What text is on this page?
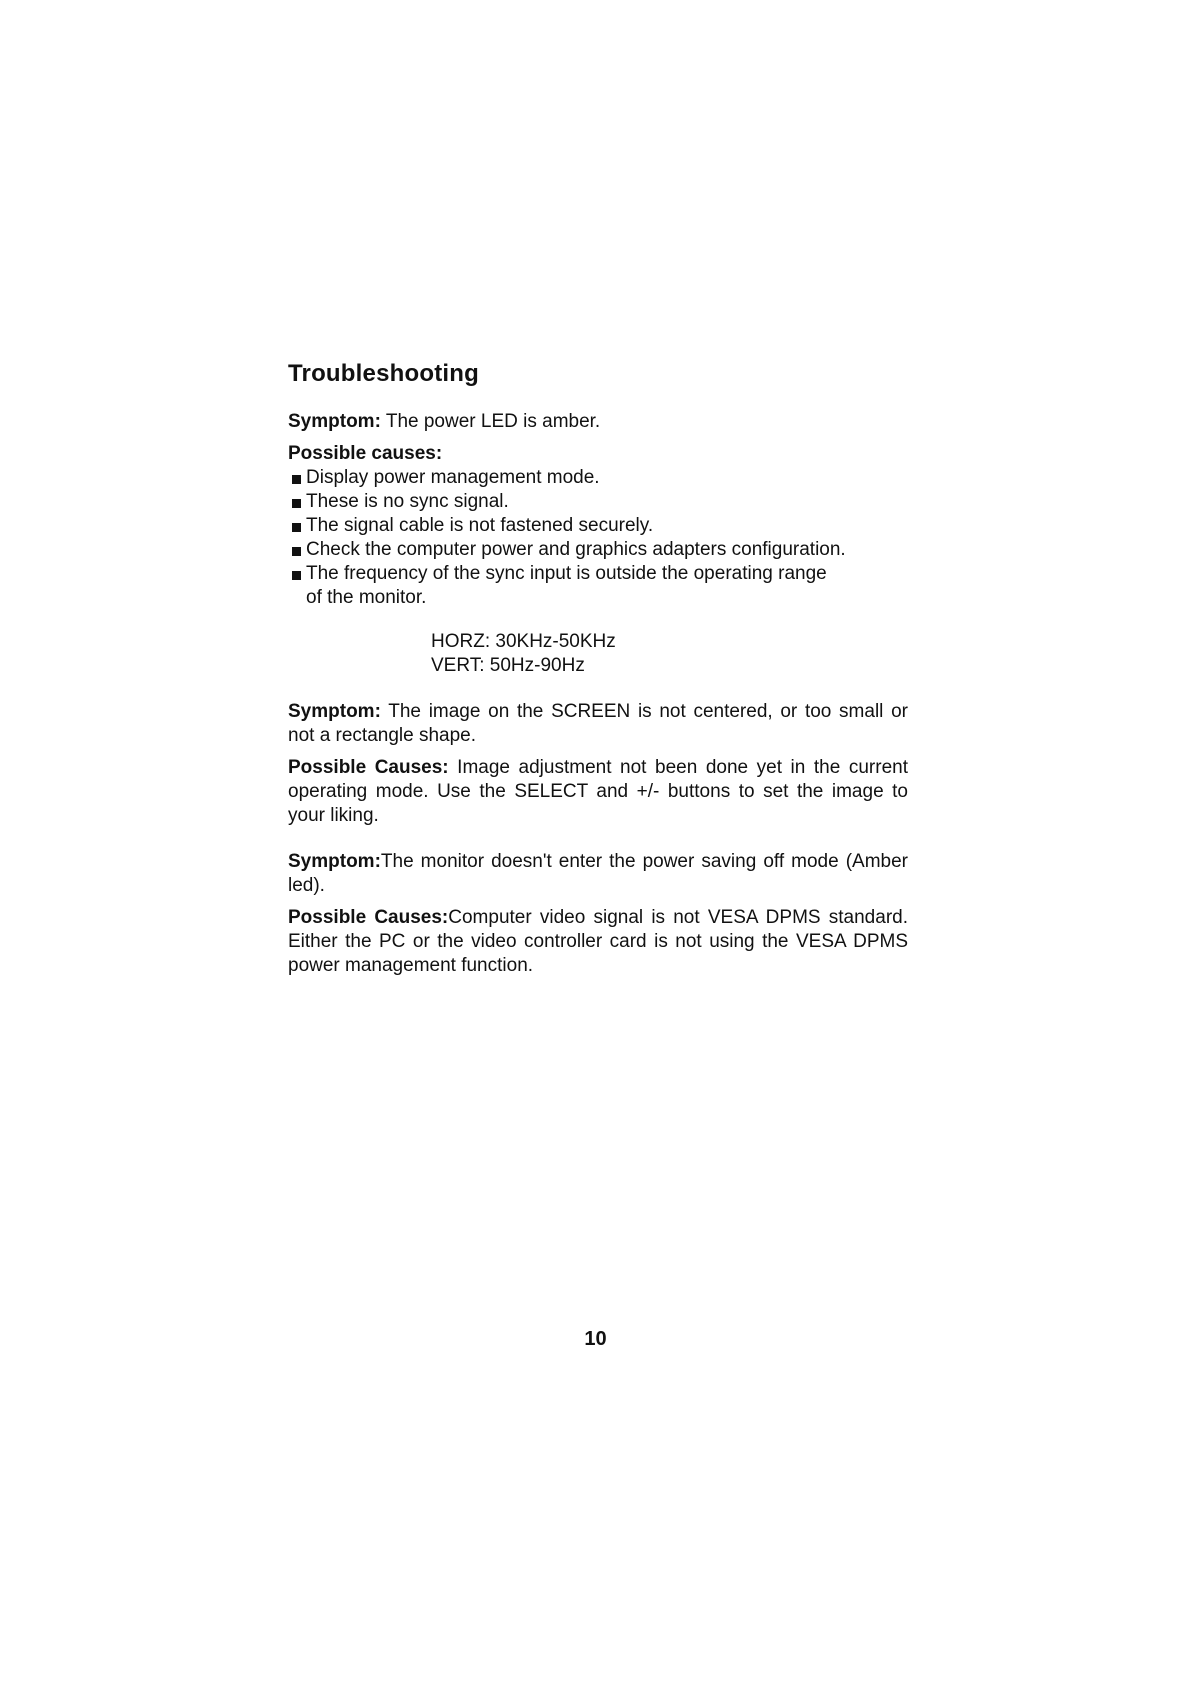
Troubleshooting

Symptom: The power LED is amber.

Possible causes:

Display power management mode.
These is no sync signal.
The signal cable is not fastened securely.
Check the computer power and graphics adapters configuration.
The frequency of the sync input is outside the operating range
of the monitor.
HORZ: 30KHz-50KHz
VERT: 50Hz-90Hz

Symptom: The image on the SCREEN is not centered, or too small or not a rectangle shape.

Possible Causes: Image adjustment not been done yet in the current operating mode. Use the SELECT and +/- buttons to set the image to your liking.

Symptom:The monitor doesn't enter the power saving off mode (Amber led).

Possible Causes:Computer video signal is not VESA DPMS standard. Either the PC or the video controller card is not using the VESA DPMS power management function.

10
